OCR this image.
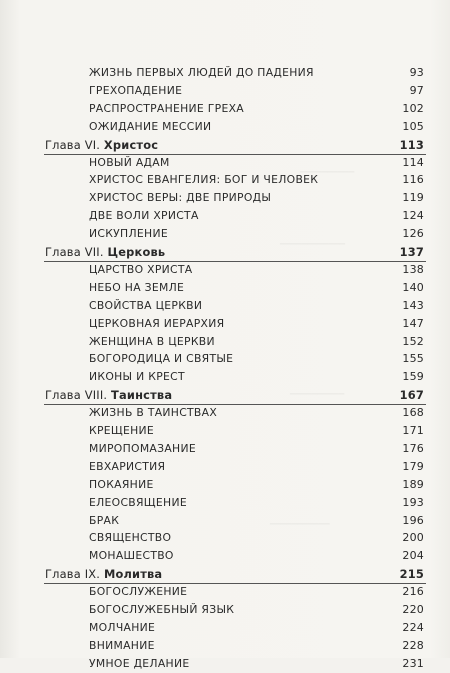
──────────
────────────
──────────
───────────
ЖИЗНЬ ПЕРВЫХ ЛЮДЕЙ ДО ПАДЕНИЯ	93
ГРЕХОПАДЕНИЕ	97
РАСПРОСТРАНЕНИЕ ГРЕХА	102
ОЖИДАНИЕ МЕССИИ	105
Глава VI. Христос	113
НОВЫЙ АДАМ	114
ХРИСТОС ЕВАНГЕЛИЯ: БОГ И ЧЕЛОВЕК	116
ХРИСТОС ВЕРЫ: ДВЕ ПРИРОДЫ	119
ДВЕ ВОЛИ ХРИСТА	124
ИСКУПЛЕНИЕ	126
Глава VII. Церковь	137
ЦАРСТВО ХРИСТА	138
НЕБО НА ЗЕМЛЕ	140
СВОЙСТВА ЦЕРКВИ	143
ЦЕРКОВНАЯ ИЕРАРХИЯ	147
ЖЕНЩИНА В ЦЕРКВИ	152
БОГОРОДИЦА И СВЯТЫЕ	155
ИКОНЫ И КРЕСТ	159
Глава VIII. Таинства	167
ЖИЗНЬ В ТАИНСТВАХ	168
КРЕЩЕНИЕ	171
МИРОПОМАЗАНИЕ	176
ЕВХАРИСТИЯ	179
ПОКАЯНИЕ	189
ЕЛЕОСВЯЩЕНИЕ	193
БРАК	196
СВЯЩЕНСТВО	200
МОНАШЕСТВО	204
Глава IX. Молитва	215
БОГОСЛУЖЕНИЕ	216
БОГОСЛУЖЕБНЫЙ ЯЗЫК	220
МОЛЧАНИЕ	224
ВНИМАНИЕ	228
УМНОЕ ДЕЛАНИЕ	231
